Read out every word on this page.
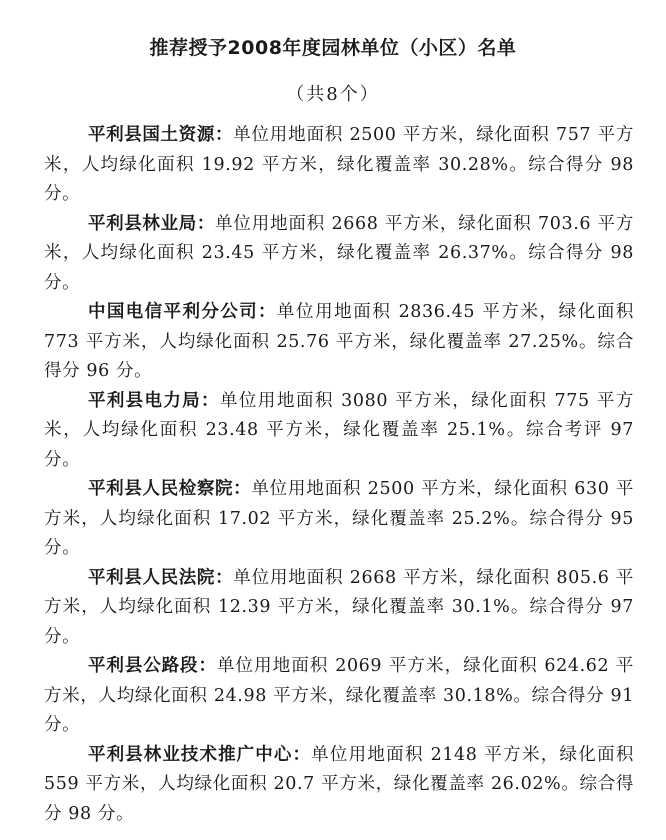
推荐授予2008年度园林单位（小区）名单
（共8个）

平利县国土资源：单位用地面积 2500 平方米，绿化面积 757 平方米，人均绿化面积 19.92 平方米，绿化覆盖率 30.28%。综合得分 98 分。

平利县林业局：单位用地面积 2668 平方米，绿化面积 703.6 平方米，人均绿化面积 23.45 平方米，绿化覆盖率 26.37%。综合得分 98 分。

中国电信平利分公司：单位用地面积 2836.45 平方米，绿化面积 773 平方米，人均绿化面积 25.76 平方米，绿化覆盖率 27.25%。综合得分 96 分。

平利县电力局：单位用地面积 3080 平方米，绿化面积 775 平方米，人均绿化面积 23.48 平方米，绿化覆盖率 25.1%。综合考评 97 分。

平利县人民检察院：单位用地面积 2500 平方米，绿化面积 630 平方米，人均绿化面积 17.02 平方米，绿化覆盖率 25.2%。综合得分 95 分。

平利县人民法院：单位用地面积 2668 平方米，绿化面积 805.6 平方米，人均绿化面积 12.39 平方米，绿化覆盖率 30.1%。综合得分 97 分。

平利县公路段：单位用地面积 2069 平方米，绿化面积 624.62 平方米，人均绿化面积 24.98 平方米，绿化覆盖率 30.18%。综合得分 91 分。

平利县林业技术推广中心：单位用地面积 2148 平方米，绿化面积 559 平方米，人均绿化面积 20.7 平方米，绿化覆盖率 26.02%。综合得分 98 分。
